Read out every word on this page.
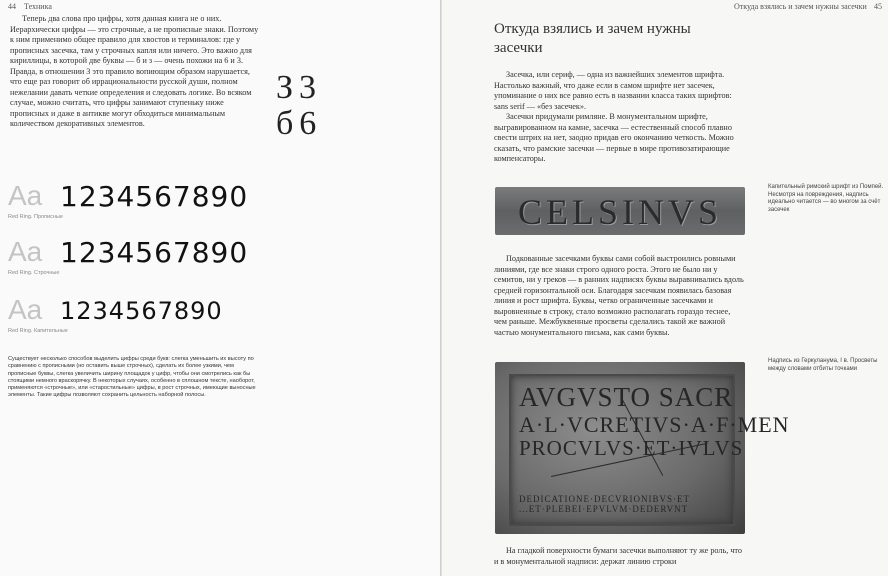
44 Техника

Теперь два слова про цифры, хотя данная книга не о них. Иерархически цифры — это строчные, а не прописные знаки. Поэтому к ним применимо общее правило для хвостов и терминалов: где у прописных засечка, там у строчных капля или ничего. Это важно для кириллицы, в которой две буквы — б и з — очень похожи на 6 и 3. Правда, в отношении 3 это правило вопиющим образом нарушается, что еще раз говорит об иррациональности русской души, полном нежелании давать четкие определения и следовать логике. Во всяком случае, можно считать, что цифры занимают ступеньку ниже прописных и даже в антикве могут обходиться минимальным количеством декоративных элементов.

З3
б6
Aa 1234567890
Red Ring. Прописные
Aa 1234567890
Red Ring. Строчные
Aa 1234567890
Red Ring. Капительные
Существует несколько способов выделить цифры среди букв: слегка уменьшить их высоту по сравнению с прописными (но оставить выше строчных), сделать их более узкими, чем прописные буквы, слегка увеличить ширину площадок у цифр, чтобы они смотрелись как бы стоящими немного враскорячку. В некоторых случаях, особенно в сплошном тексте, наоборот, применяются «строчные», или «старостильные» цифры, в рост строчных, имеющие выносные элементы. Такие цифры позволяют сохранить цельность наборной полосы.
Откуда взялись и зачем нужны засечки 45
Откуда взялись и зачем нужны засечки

Засечка, или сериф, — одна из важнейших элементов шрифта. Настолько важный, что даже если в самом шрифте нет засечек, упоминание о них все равно есть в названии класса таких шрифтов: sans serif — «без засечек».

Засечки придумали римляне. В монументальном шрифте, выгравированном на камне, засечка — естественный способ плавно свести штрих на нет, заодно придав его окончанию четкость. Можно сказать, что рамские засечки — первые в мире противозатирающие компенсаторы.

CELSINVS
Капительный римский шрифт из Помпей. Несмотря на повреждения, надпись идеально читается — во многом за счёт засечек

Подкованные засечками буквы сами собой выстроились ровными линиями, где все знаки строго одного роста. Этого не было ни у семитов, ни у греков — в ранних надписях буквы выравнивались вдоль средней горизонтальной оси. Благодаря засечкам появилась базовая линия и рост шрифта. Буквы, четко ограниченные засечками и выровненные в строку, стало возможно располагать гораздо теснее, чем раньше. Межбуквенные просветы сделались такой же важной частью монументального письма, как сами буквы.

AVGVSTO SACR
A·L·VCRETIVS·A·F·MEN
PROCVLVS·ET·IVLVS
DEDICATIONE·DECVRIONIBVS·ET
...ET·PLEBEI·EPVLVM·DEDERVNT
Надпись из Геркуланума, I в. Просветы между словами отбиты точками

На гладкой поверхности бумаги засечки выполняют ту же роль, что и в монументальной надписи: держат линию строки
